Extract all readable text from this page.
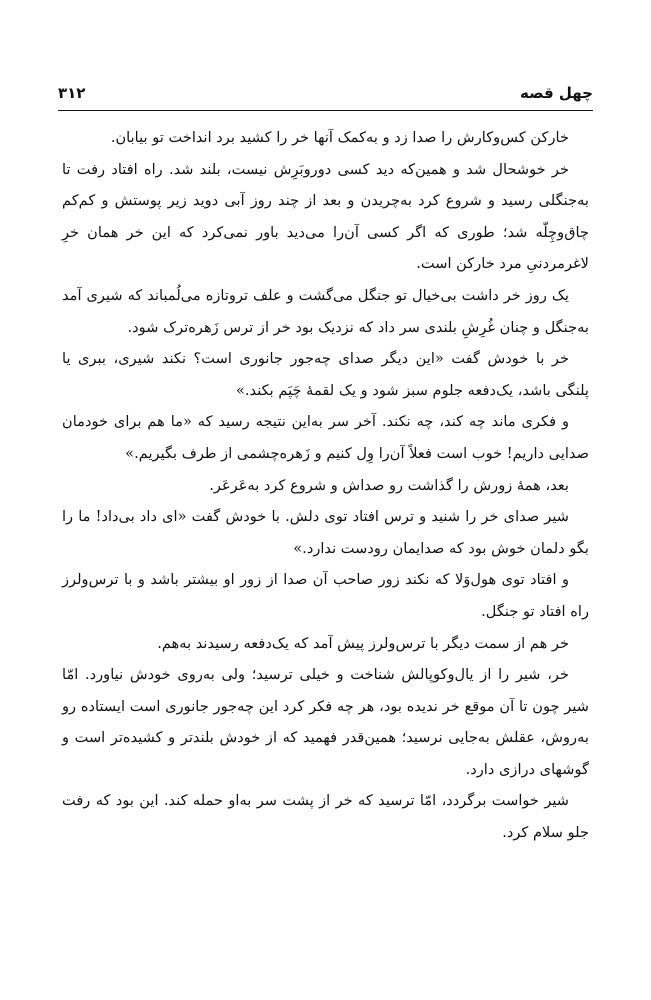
چهل قصه
۳۱۲

خارکن کس‌وکارش را صدا زد و به‌کمک آنها خر را کشید برد انداخت تو بیابان.

خر خوشحال شد و همین‌که دید کسی دوروبَرِش نیست، بلند شد. راه افتاد رفت تا به‌جنگلی رسید و شروع کرد به‌چریدن و بعد از چند روز آبی دوید زیر پوستش و کم‌کم چاق‌وچِلّه شد؛ طوری که اگر کسی آن‌را می‌دید باور نمی‌کرد که این خر همان خرِ لاغرمردنیِ مرد خارکن است.

یک روز خر داشت بی‌خیال تو جنگل می‌گشت و علف ترو‌تازه می‌لُمباند که شیری آمد به‌جنگل و چنان غُرِشِ بلندی سر داد که نزدیک بود خر از ترس زَهره‌ترک شود.

خر با خودش گفت «این دیگر صدای چه‌جور جانوری است؟ نکند شیری، ببری یا پلنگی باشد، یک‌دفعه جلوم سبز شود و یک لقمهٔ چَپَم بکند.»

و فکری ماند چه کند، چه نکند. آخر سر به‌این نتیجه رسید که «ما هم برای خودمان صدایی داریم! خوب است فعلاً آن‌را وِل کنیم و زَهره‌چشمی از طرف بگیریم.»

بعد، همهٔ زورش را گذاشت رو صداش و شروع کرد به‌عَرعَر.

شیر صدای خر را شنید و ترس افتاد توی دلش. با خودش گفت «ای داد بی‌داد! ما را بگو دلمان خوش بود که صدایمان رودست ندارد.»

و افتاد توی هول‌وَلا که نکند زور صاحب آن صدا از زور او بیشتر باشد و با ترس‌ولرز راه افتاد تو جنگل.

خر هم از سمت دیگر با ترس‌ولرز پیش آمد که یک‌دفعه رسیدند به‌هم.

خر، شیر را از یال‌وکوپالش شناخت و خیلی ترسید؛ ولی به‌روی خودش نیاورد. امّا شیر چون تا آن موقع خر ندیده بود، هر چه فکر کرد این چه‌جور جانوری است ایستاده رو به‌روش، عقلش به‌جایی نرسید؛ همین‌قدر فهمید که از خودش بلندتر و کشیده‌تر است و گوشهای درازی دارد.

شیر خواست برگردد، امّا ترسید که خر از پشت سر به‌او حمله کند. این بود که رفت جلو سلام کرد.
